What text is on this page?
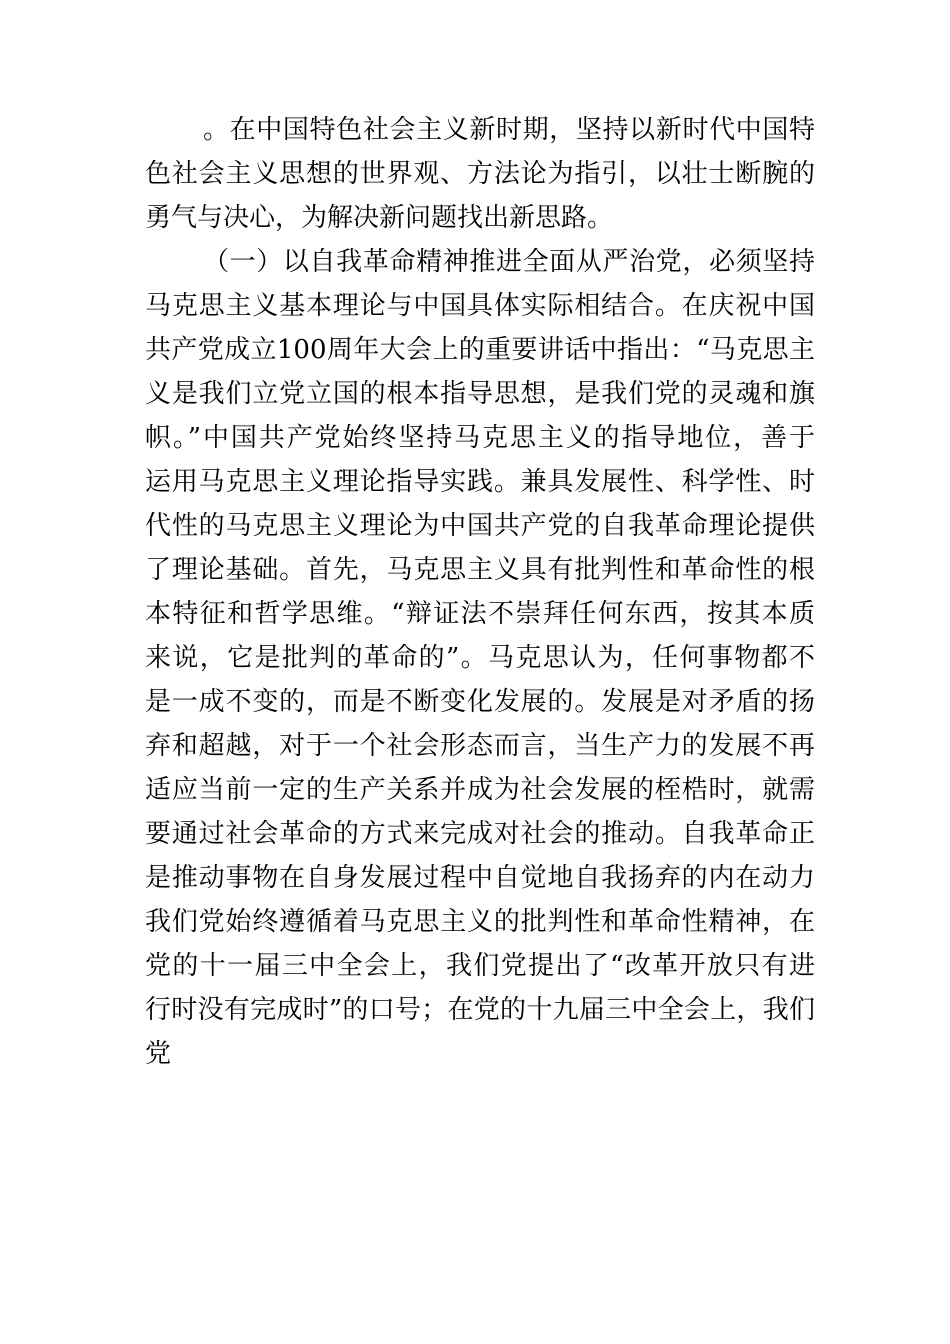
。在中国特色社会主义新时期，坚持以新时代中国特
色社会主义思想的世界观、方法论为指引，以壮士断腕的
勇气与决心，为解决新问题找出新思路。
（一）以自我革命精神推进全面从严治党，必须坚持
马克思主义基本理论与中国具体实际相结合。在庆祝中国
共产党成立100周年大会上的重要讲话中指出：“马克思主
义是我们立党立国的根本指导思想，是我们党的灵魂和旗
帜。”中国共产党始终坚持马克思主义的指导地位，善于
运用马克思主义理论指导实践。兼具发展性、科学性、时
代性的马克思主义理论为中国共产党的自我革命理论提供
了理论基础。首先，马克思主义具有批判性和革命性的根
本特征和哲学思维。“辩证法不崇拜任何东西，按其本质
来说，它是批判的革命的”。马克思认为，任何事物都不
是一成不变的，而是不断变化发展的。发展是对矛盾的扬
弃和超越，对于一个社会形态而言，当生产力的发展不再
适应当前一定的生产关系并成为社会发展的桎梏时，就需
要通过社会革命的方式来完成对社会的推动。自我革命正
是推动事物在自身发展过程中自觉地自我扬弃的内在动力
我们党始终遵循着马克思主义的批判性和革命性精神，在
党的十一届三中全会上，我们党提出了“改革开放只有进
行时没有完成时”的口号；在党的十九届三中全会上，我们
党
